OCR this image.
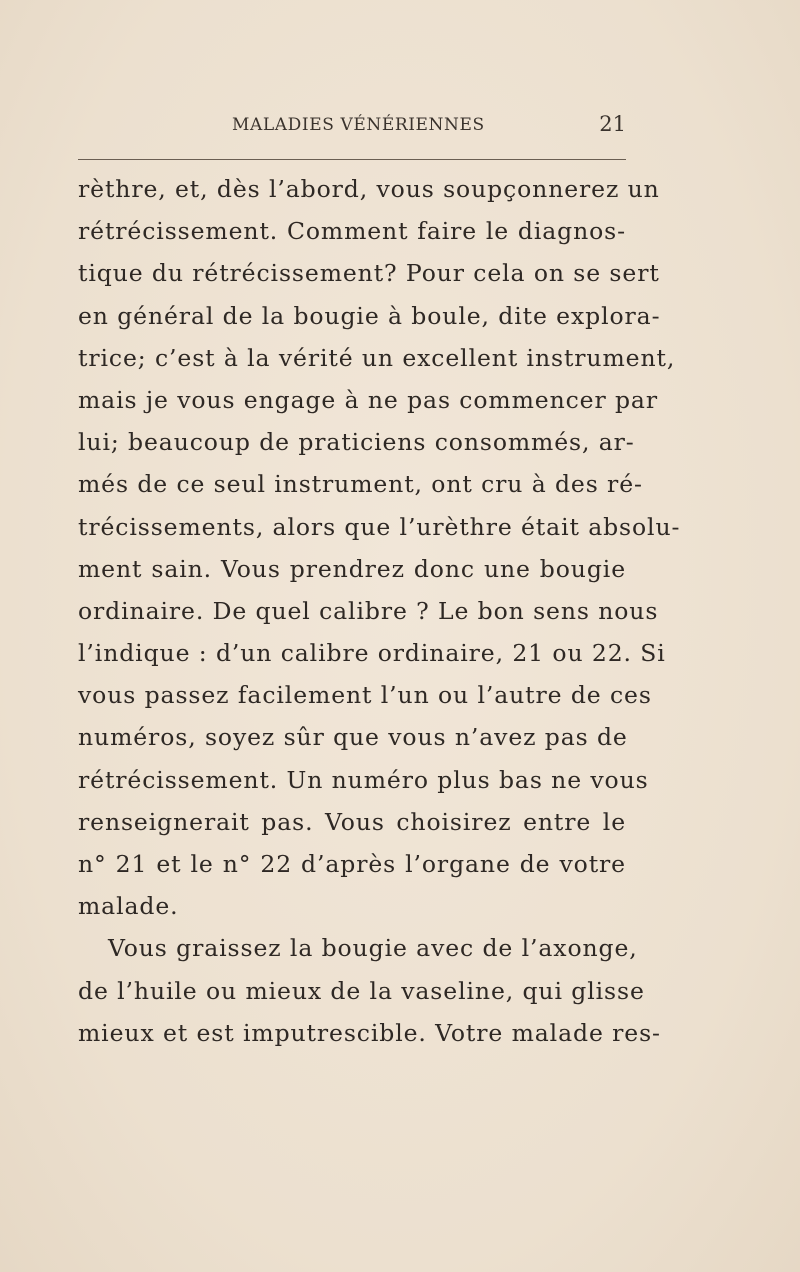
MALADIES VÉNÉRIENNES	21
rèthre, et, dès l’abord, vous soupçonnerez un
rétrécissement. Comment faire le diagnos-
tique du rétrécissement? Pour cela on se sert
en général de la bougie à boule, dite explora-
trice; c’est à la vérité un excellent instrument,
mais je vous engage à ne pas commencer par
lui; beaucoup de praticiens consommés, ar-
més de ce seul instrument, ont cru à des ré-
trécissements, alors que l’urèthre était absolu-
ment sain. Vous prendrez donc une bougie
ordinaire. De quel calibre ? Le bon sens nous
l’indique : d’un calibre ordinaire, 21 ou 22. Si
vous passez facilement l’un ou l’autre de ces
numéros, soyez sûr que vous n’avez pas de
rétrécissement. Un numéro plus bas ne vous
renseignerait pas. Vous choisirez entre le
n° 21 et le n° 22 d’après l’organe de votre
malade.
Vous graissez la bougie avec de l’axonge,
de l’huile ou mieux de la vaseline, qui glisse
mieux et est imputrescible. Votre malade res-
